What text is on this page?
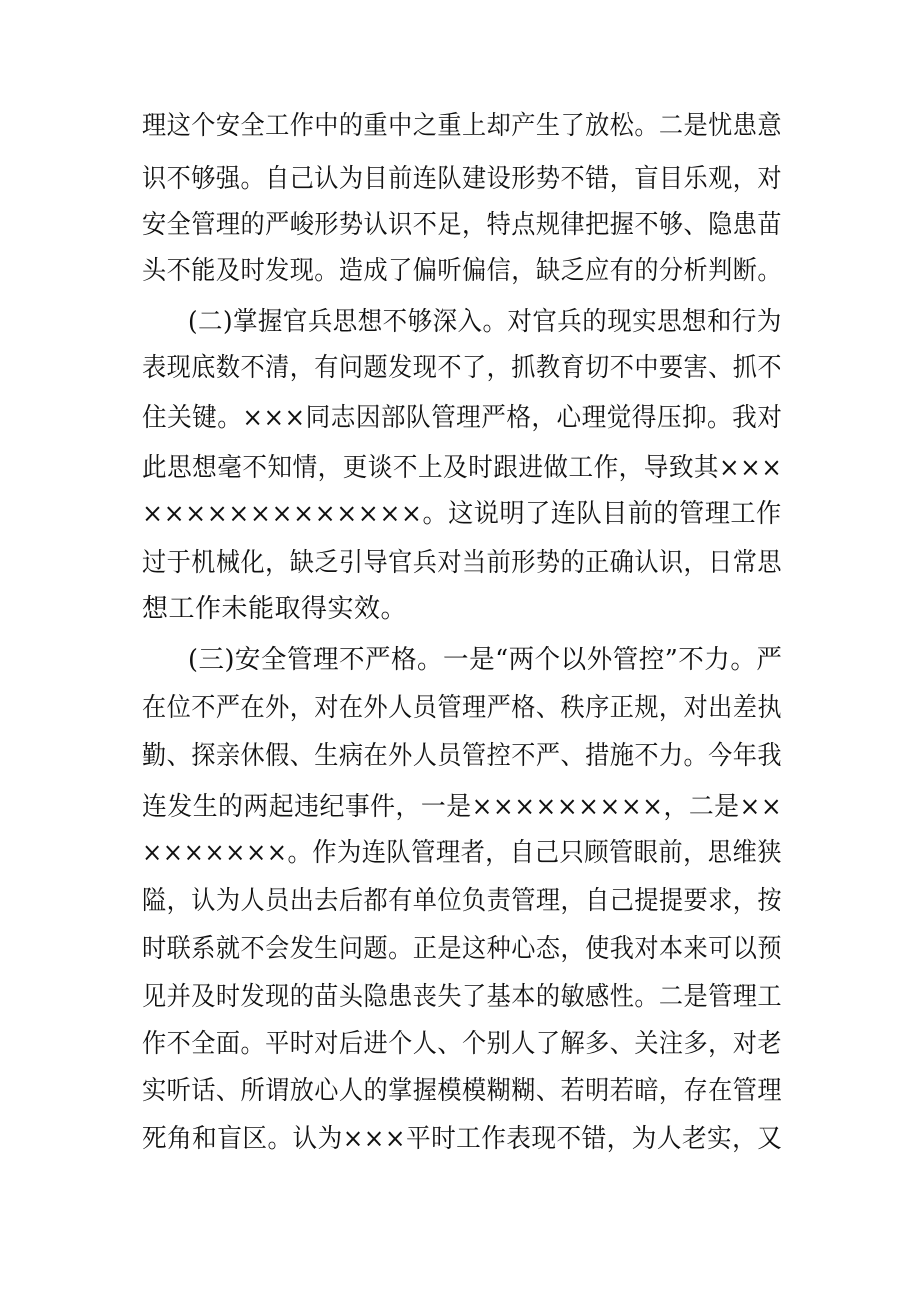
理这个安全工作中的重中之重上却产生了放松。二是忧患意
识不够强。自己认为目前连队建设形势不错，盲目乐观，对
安全管理的严峻形势认识不足，特点规律把握不够、隐患苗
头不能及时发现。造成了偏听偏信，缺乏应有的分析判断。
(二)掌握官兵思想不够深入。对官兵的现实思想和行为
表现底数不清，有问题发现不了，抓教育切不中要害、抓不
住关键。×××同志因部队管理严格，心理觉得压抑。我对
此思想毫不知情，更谈不上及时跟进做工作，导致其×××
×××××××××××××。这说明了连队目前的管理工作
过于机械化，缺乏引导官兵对当前形势的正确认识，日常思
想工作未能取得实效。
(三)安全管理不严格。一是“两个以外管控”不力。严
在位不严在外，对在外人员管理严格、秩序正规，对出差执
勤、探亲休假、生病在外人员管控不严、措施不力。今年我
连发生的两起违纪事件，一是×××××××××，二是××
×××××××。作为连队管理者，自己只顾管眼前，思维狭
隘，认为人员出去后都有单位负责管理，自己提提要求，按
时联系就不会发生问题。正是这种心态，使我对本来可以预
见并及时发现的苗头隐患丧失了基本的敏感性。二是管理工
作不全面。平时对后进个人、个别人了解多、关注多，对老
实听话、所谓放心人的掌握模模糊糊、若明若暗，存在管理
死角和盲区。认为×××平时工作表现不错，为人老实，又
